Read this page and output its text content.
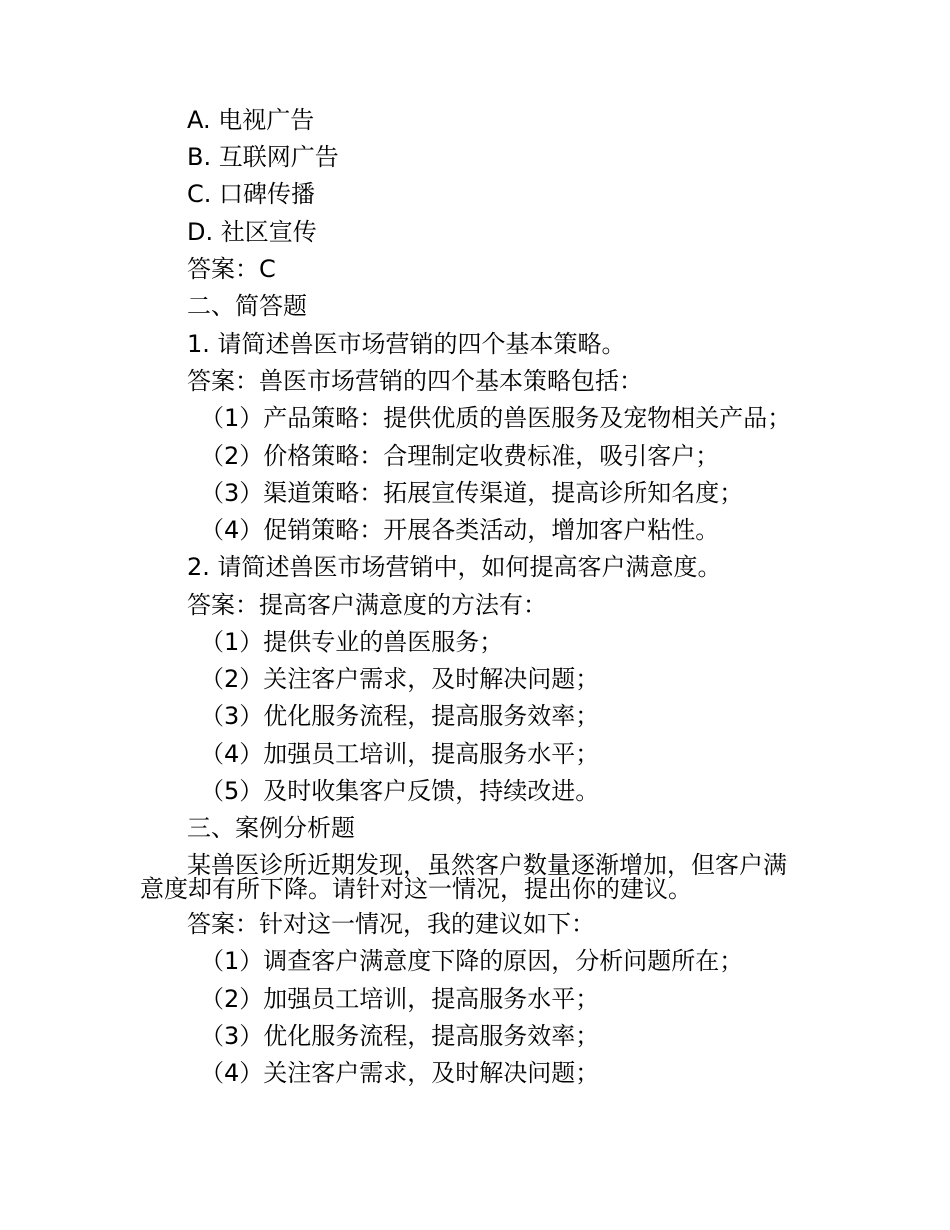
A. 电视广告
B. 互联网广告
C. 口碑传播
D. 社区宣传
答案：C
二、简答题
1. 请简述兽医市场营销的四个基本策略。
答案：兽医市场营销的四个基本策略包括：
（1）产品策略：提供优质的兽医服务及宠物相关产品；
（2）价格策略：合理制定收费标准，吸引客户；
（3）渠道策略：拓展宣传渠道，提高诊所知名度；
（4）促销策略：开展各类活动，增加客户粘性。
2. 请简述兽医市场营销中，如何提高客户满意度。
答案：提高客户满意度的方法有：
（1）提供专业的兽医服务；
（2）关注客户需求，及时解决问题；
（3）优化服务流程，提高服务效率；
（4）加强员工培训，提高服务水平；
（5）及时收集客户反馈，持续改进。
三、案例分析题
某兽医诊所近期发现，虽然客户数量逐渐增加，但客户满
意度却有所下降。请针对这一情况，提出你的建议。
答案：针对这一情况，我的建议如下：
（1）调查客户满意度下降的原因，分析问题所在；
（2）加强员工培训，提高服务水平；
（3）优化服务流程，提高服务效率；
（4）关注客户需求，及时解决问题；
